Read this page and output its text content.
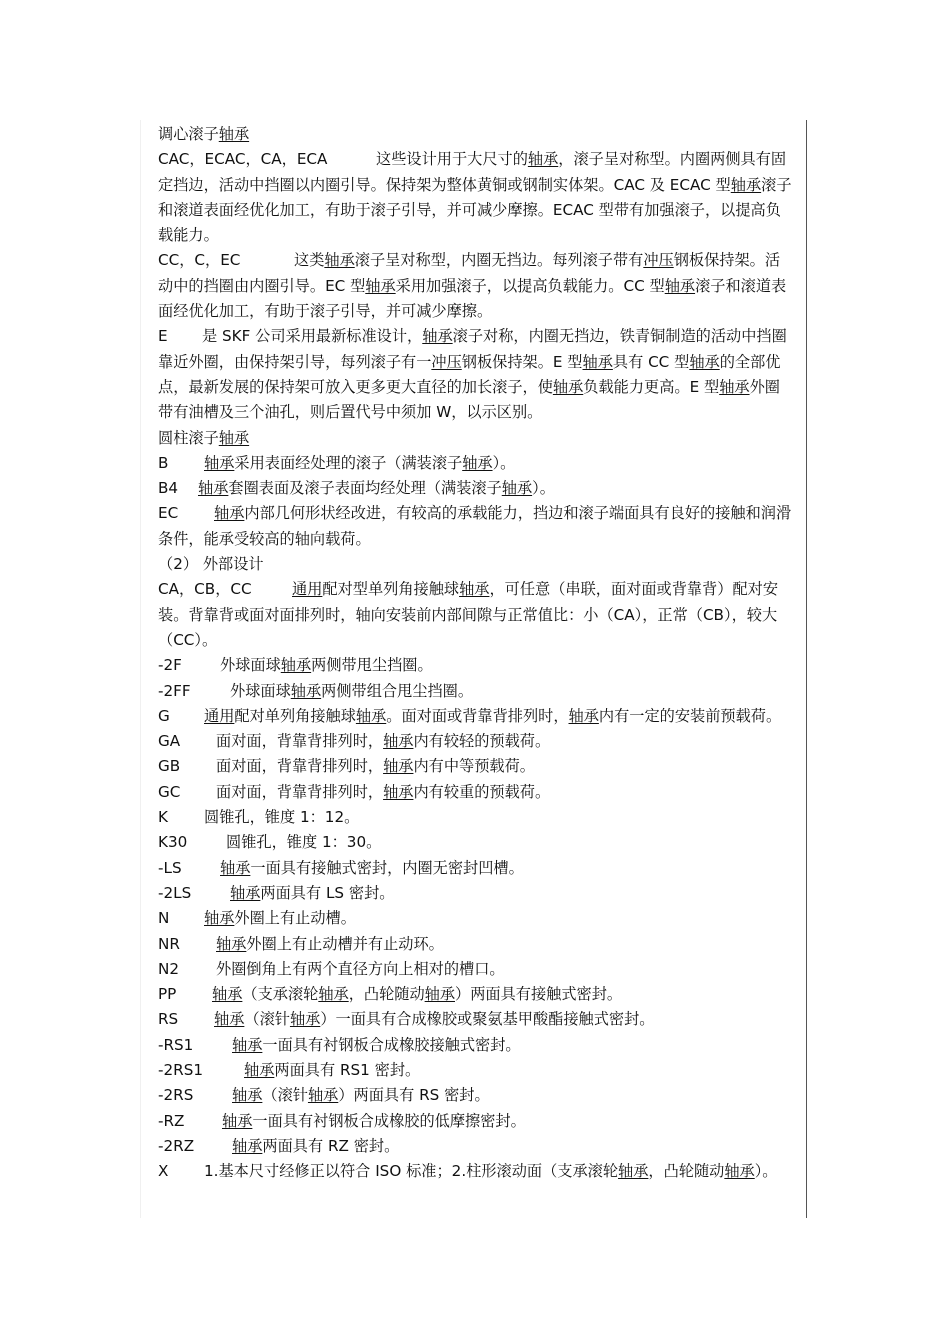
调心滚子轴承

CAC，ECAC，CA，ECA	这些设计用于大尺寸的轴承，滚子呈对称型。内圈两侧具有固定挡边，活动中挡圈以内圈引导。保持架为整体黄铜或钢制实体架。CAC 及 ECAC 型轴承滚子和滚道表面经优化加工，有助于滚子引导，并可减少摩擦。ECAC 型带有加强滚子，以提高负载能力。

CC，C，EC	这类轴承滚子呈对称型，内圈无挡边。每列滚子带有冲压钢板保持架。活动中的挡圈由内圈引导。EC 型轴承采用加强滚子，以提高负载能力。CC 型轴承滚子和滚道表面经优化加工，有助于滚子引导，并可减少摩擦。

E 是 SKF 公司采用最新标准设计，轴承滚子对称，内圈无挡边，铁青铜制造的活动中挡圈靠近外圈，由保持架引导，每列滚子有一冲压钢板保持架。E 型轴承具有 CC 型轴承的全部优点，最新发展的保持架可放入更多更大直径的加长滚子，使轴承负载能力更高。E 型轴承外圈带有油槽及三个油孔，则后置代号中须加 W，以示区别。

圆柱滚子轴承

B 轴承采用表面经处理的滚子（满装滚子轴承）。

B4 轴承套圈表面及滚子表面均经处理（满装滚子轴承）。

EC 轴承内部几何形状经改进，有较高的承载能力，挡边和滚子端面具有良好的接触和润滑条件，能承受较高的轴向载荷。

（2） 外部设计

CA，CB，CC	通用配对型单列角接触球轴承，可任意（串联，面对面或背靠背）配对安装。背靠背或面对面排列时，轴向安装前内部间隙与正常值比：小（CA），正常（CB），较大（CC）。

-2F	外球面球轴承两侧带甩尘挡圈。

-2FF	外球面球轴承两侧带组合甩尘挡圈。

G 通用配对单列角接触球轴承。面对面或背靠背排列时，轴承内有一定的安装前预载荷。

GA 面对面，背靠背排列时，轴承内有较轻的预载荷。

GB 面对面，背靠背排列时，轴承内有中等预载荷。

GC 面对面，背靠背排列时，轴承内有较重的预载荷。

K 圆锥孔，锥度 1：12。

K30	圆锥孔，锥度 1：30。

-LS	轴承一面具有接触式密封，内圈无密封凹槽。

-2LS	轴承两面具有 LS 密封。

N 轴承外圈上有止动槽。

NR 轴承外圈上有止动槽并有止动环。

N2 外圈倒角上有两个直径方向上相对的槽口。

PP 轴承（支承滚轮轴承，凸轮随动轴承）两面具有接触式密封。

RS 轴承（滚针轴承）一面具有合成橡胶或聚氨基甲酸酯接触式密封。

-RS1	轴承一面具有衬钢板合成橡胶接触式密封。

-2RS1	轴承两面具有 RS1 密封。

-2RS	轴承（滚针轴承）两面具有 RS 密封。

-RZ 轴承一面具有衬钢板合成橡胶的低摩擦密封。

-2RZ 轴承两面具有 RZ 密封。

X 1.基本尺寸经修正以符合 ISO 标准；2.柱形滚动面（支承滚轮轴承，凸轮随动轴承）。
